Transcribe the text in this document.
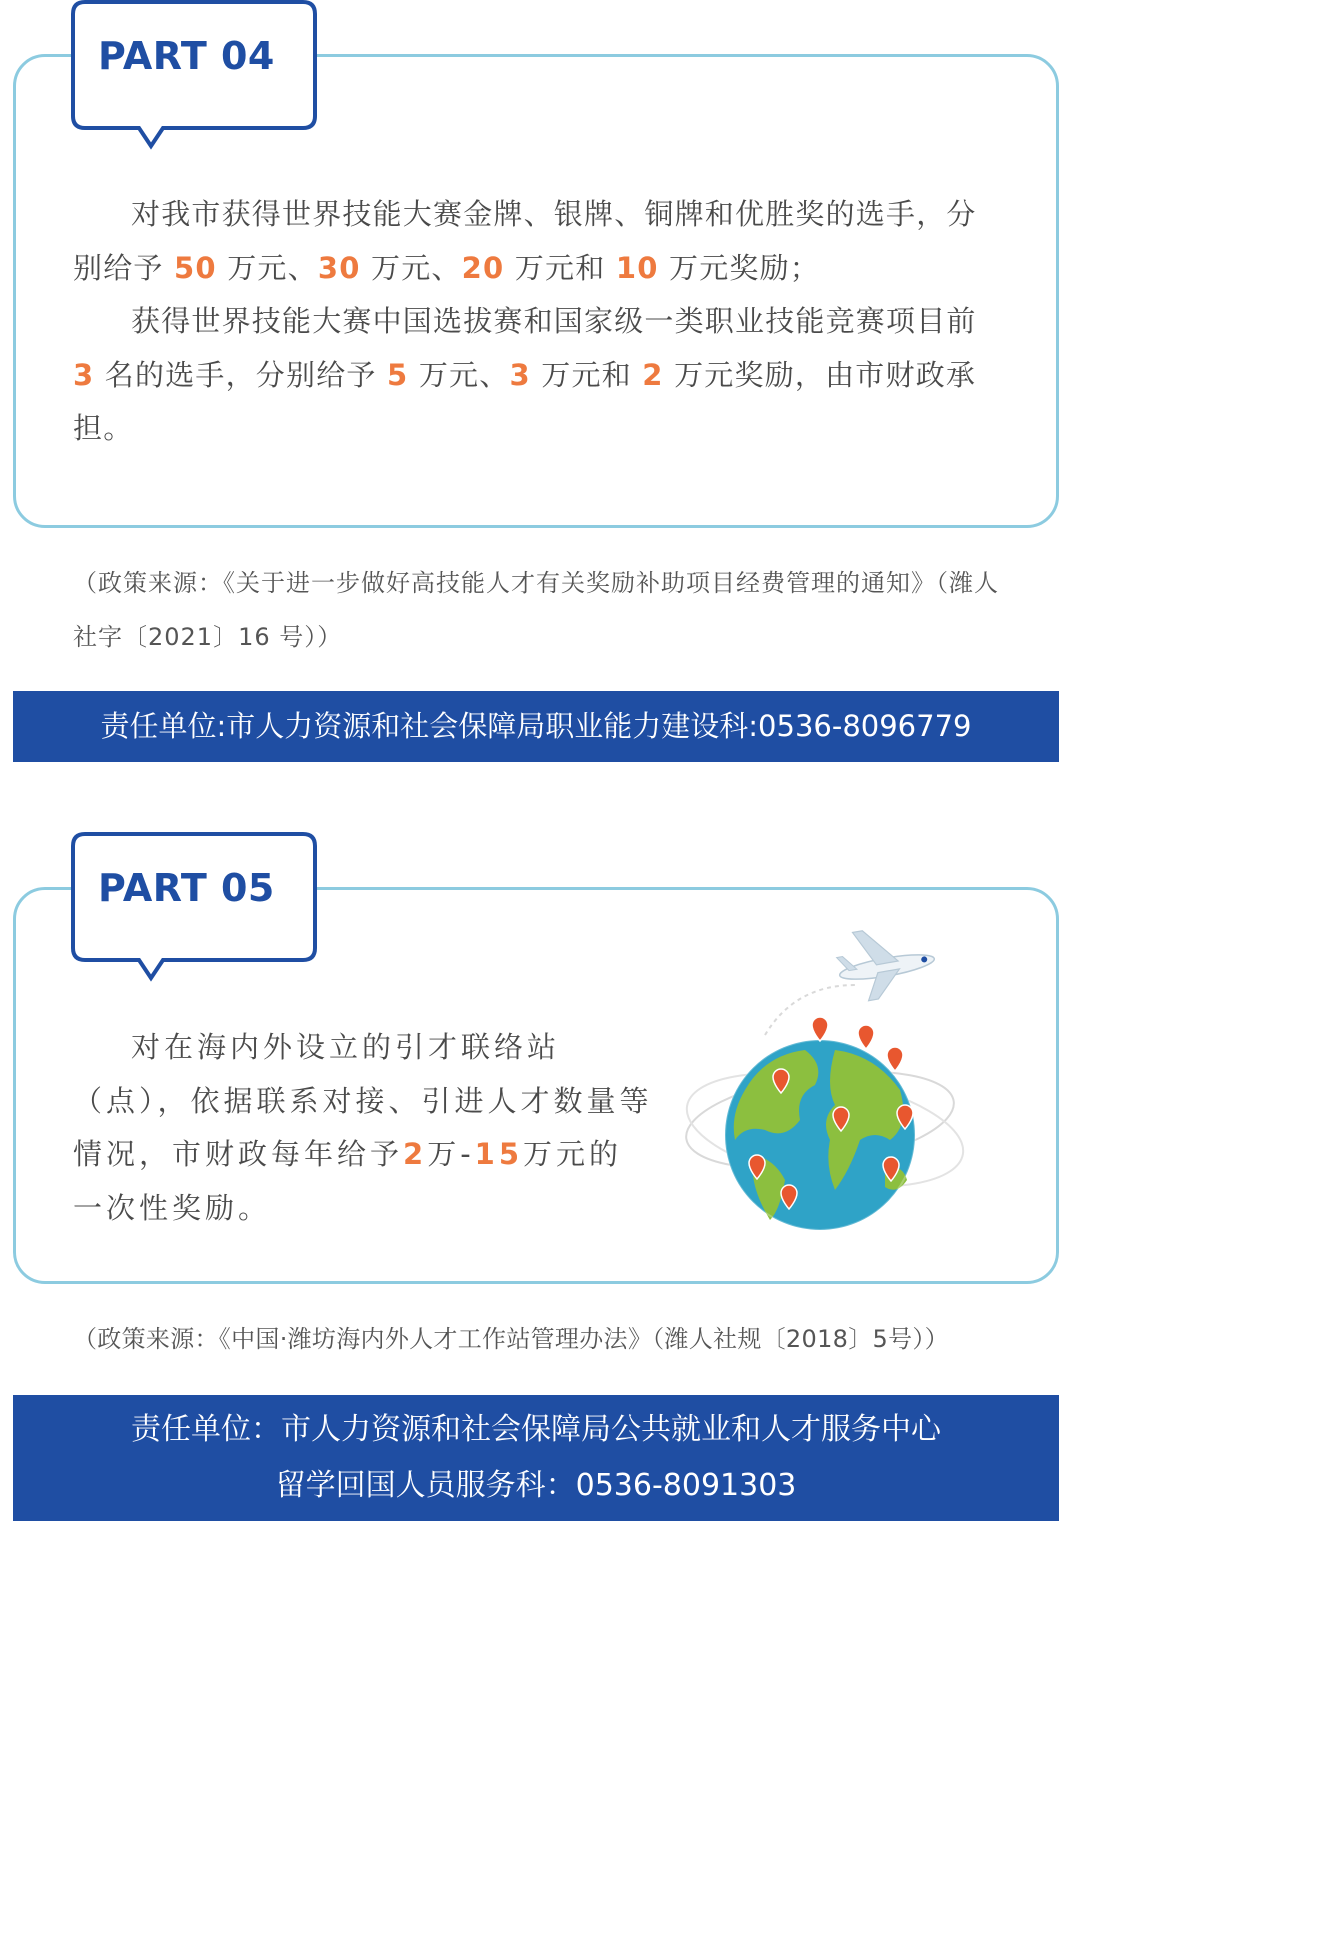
PART 04

对我市获得世界技能大赛金牌、银牌、铜牌和优胜奖的选手，分别给予 50 万元、30 万元、20 万元和 10 万元奖励；

获得世界技能大赛中国选拔赛和国家级一类职业技能竞赛项目前 3 名的选手，分别给予 5 万元、3 万元和 2 万元奖励，由市财政承担。

（政策来源：《关于进一步做好高技能人才有关奖励补助项目经费管理的通知》（潍人社字〔2021〕16 号））
责任单位:市人力资源和社会保障局职业能力建设科:0536-8096779
PART 05

对在海内外设立的引才联络站（点），依据联系对接、引进人才数量等情况，市财政每年给予2万-15万元的一次性奖励。

（政策来源：《中国·潍坊海内外人才工作站管理办法》（潍人社规〔2018〕5号））
责任单位：市人力资源和社会保障局公共就业和人才服务中心
留学回国人员服务科：0536-8091303
